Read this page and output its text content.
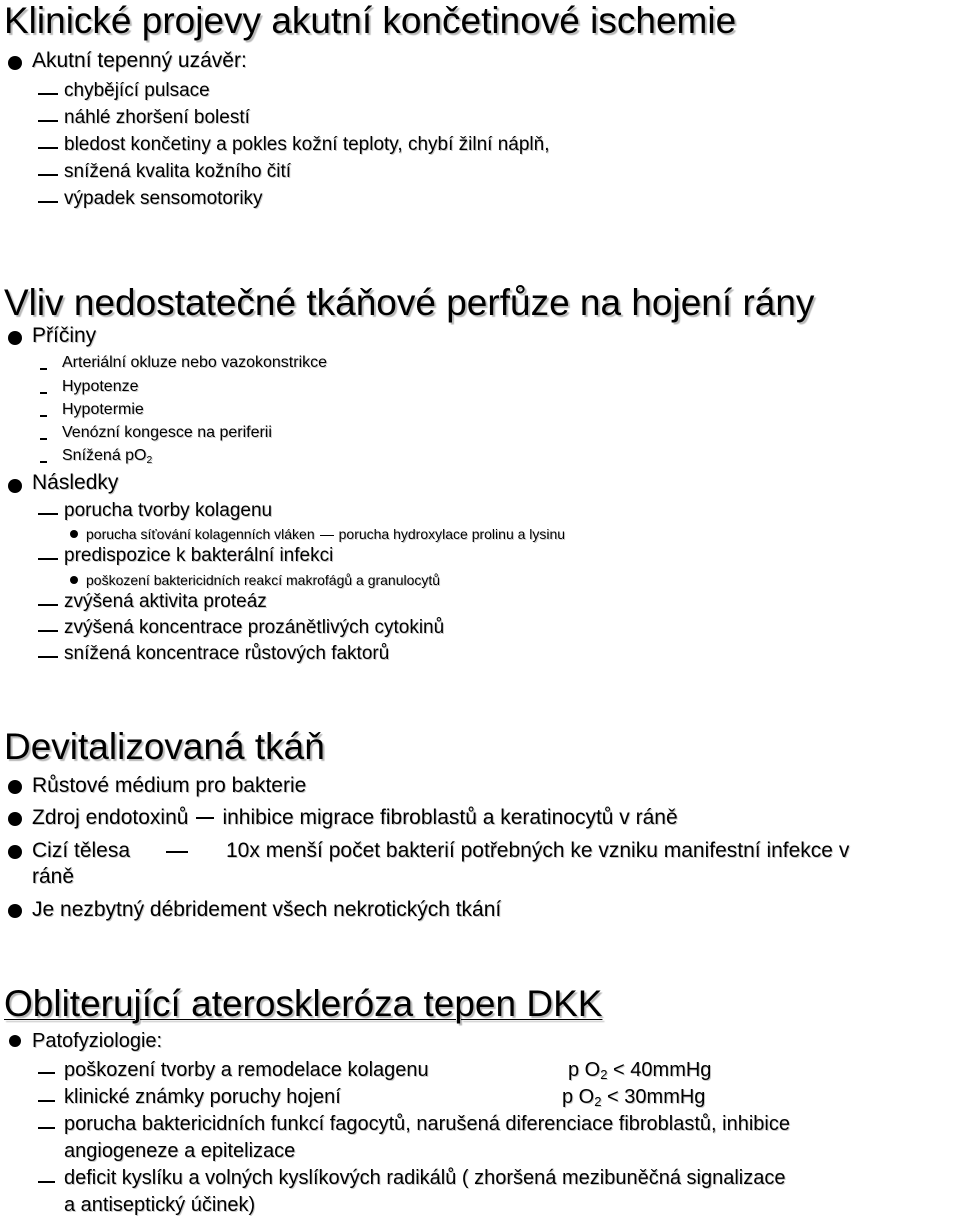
Klinické projevy akutní končetinové ischemie
Akutní tepenný uzávěr:
chybějící pulsace
náhlé zhoršení bolestí
bledost končetiny a pokles kožní teploty, chybí žilní náplň,
snížená kvalita kožního čití
výpadek sensomotoriky
Vliv nedostatečné tkáňové perfůze na hojení rány
Příčiny
Arteriální okluze nebo vazokonstrikce
Hypotenze
Hypotermie
Venózní kongesce na periferii
Snížená $pO_2$
Následky
porucha tvorby kolagenu
porucha síťování kolagenních vláken porucha hydroxylace prolinu a lysinu
predispozice k bakterální infekci
poškození baktericidních reakcí makrofágů a granulocytů
zvýšená aktivita proteáz
zvýšená koncentrace prozánětlivých cytokinů
snížená koncentrace růstových faktorů
Devitalizovaná tkáň
Růstové médium pro bakterie
Zdroj endotoxinů inhibice migrace fibroblastů a keratinocytů v ráně
Cizí tělesa	10x menší počet bakterií potřebných ke vzniku manifestní infekce v
ráně
Je nezbytný débridement všech nekrotických tkání
Obliterující ateroskleróza tepen DKK
Patofyziologie:
poškození tvorby a remodelace kolagenu	p $O_2$ < 40mmHg
klinické známky poruchy hojení	p $O_2$ < 30mmHg
porucha baktericidních funkcí fagocytů, narušená diferenciace fibroblastů, inhibice
angiogeneze a epitelizace
deficit kyslíku a volných kyslíkových radikálů ( zhoršená mezibuněčná signalizace
a antiseptický účinek)
